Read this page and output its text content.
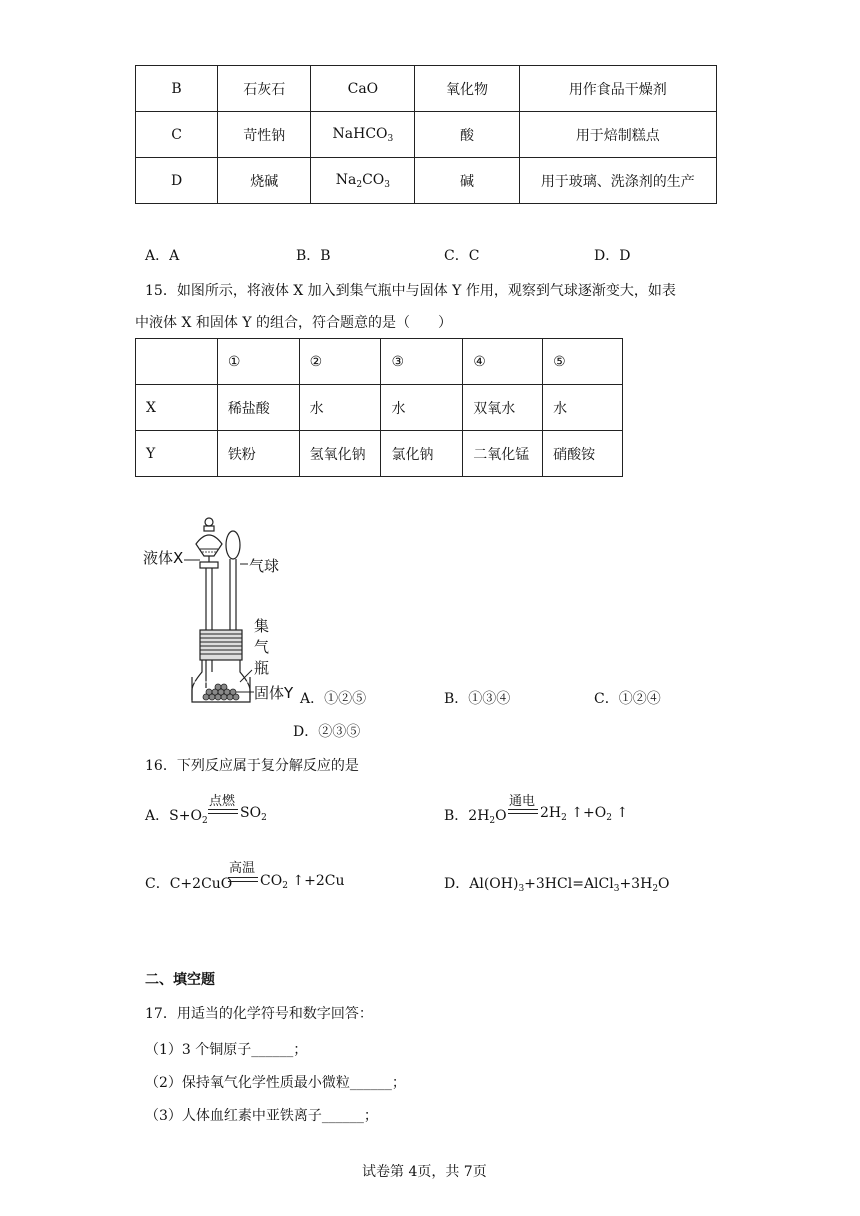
B	石灰石	CaO	氧化物	用作食品干燥剂
C	苛性钠	NaHCO$_3$	酸	用于焙制糕点
D	烧碱	$Na_2CO_3$	碱	用于玻璃、洗涤剂的生产
A．A	B．B	C．C	D．D
15．如图所示，将液体 X 加入到集气瓶中与固体 Y 作用，观察到气球逐渐变大，如表
中液体 X 和固体 Y 的组合，符合题意的是（　　）
	①	②	③	④	⑤
X	稀盐酸	水	水	双氧水	水
Y	铁粉	氢氧化钠	氯化钠	二氧化锰	硝酸铵
液体X	气球
集
气
瓶
固体Y A．①②⑤	B．①③④	C．①②④
D．②③⑤
16．下列反应属于复分解反应的是
A．$S+O_2$
点燃
$SO_2$	B．$2H_2O$
通电
$2H_2$ $↑+O_2$ ↑
C．C+2CuO
高温
$CO_2$ ↑+2Cu	D．$Al(OH)_3+3HCl=AlCl_3+3H_2O$
二、填空题
17．用适当的化学符号和数字回答：
（1）3 个铜原子______；
（2）保持氧气化学性质最小微粒______；
（3）人体血红素中亚铁离子______；
试卷第 4页，共 7页
